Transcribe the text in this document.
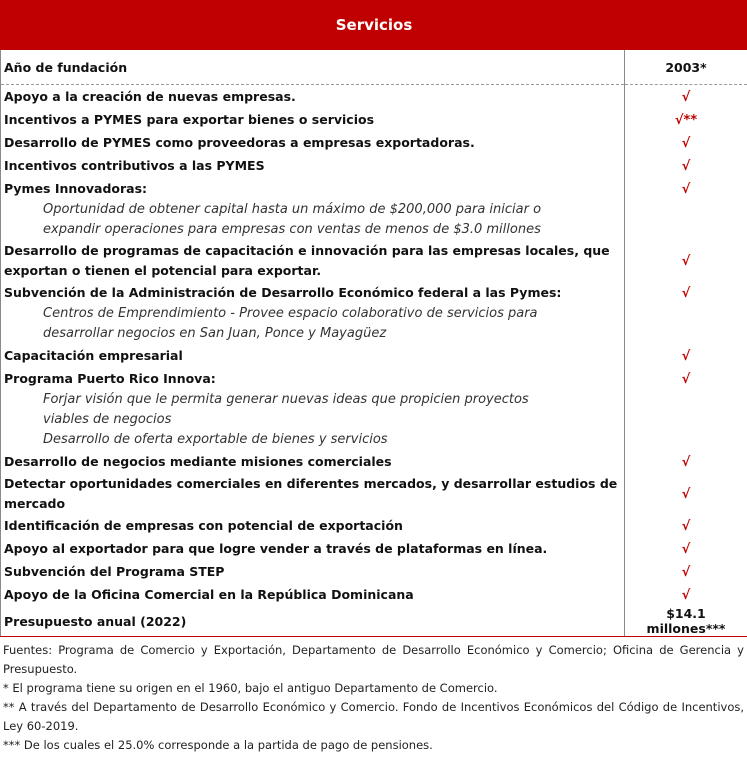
Servicios	
Año de fundación	2003*
Apoyo a la creación de nuevas empresas.	√
Incentivos a PYMES para exportar bienes o servicios	√**
Desarrollo de PYMES como proveedoras a empresas exportadoras.	√
Incentivos contributivos a las PYMES	√
Pymes Innovadoras:	√
Oportunidad de obtener capital hasta un máximo de $200,000 para iniciar o expandir operaciones para empresas con ventas de menos de $3.0 millones	
Desarrollo de programas de capacitación e innovación para las empresas locales, que exportan o tienen el potencial para exportar.	√
Subvención de la Administración de Desarrollo Económico federal a las Pymes:	√
Centros de Emprendimiento - Provee espacio colaborativo de servicios para desarrollar negocios en San Juan, Ponce y Mayagüez	
Capacitación empresarial	√
Programa Puerto Rico Innova:	√
Forjar visión que le permita generar nuevas ideas que propicien proyectos viables de negocios	
Desarrollo de oferta exportable de bienes y servicios	
Desarrollo de negocios mediante misiones comerciales	√
Detectar oportunidades comerciales en diferentes mercados, y desarrollar estudios de mercado	√
Identificación de empresas con potencial de exportación	√
Apoyo al exportador para que logre vender a través de plataformas en línea.	√
Subvención del Programa STEP	√
Apoyo de la Oficina Comercial en la República Dominicana	√
Presupuesto anual (2022)	$14.1 millones***

Fuentes: Programa de Comercio y Exportación, Departamento de Desarrollo Económico y Comercio; Oficina de Gerencia y Presupuesto.

* El programa tiene su origen en el 1960, bajo el antiguo Departamento de Comercio.

** A través del Departamento de Desarrollo Económico y Comercio. Fondo de Incentivos Económicos del Código de Incentivos, Ley 60-2019.

*** De los cuales el 25.0% corresponde a la partida de pago de pensiones.
